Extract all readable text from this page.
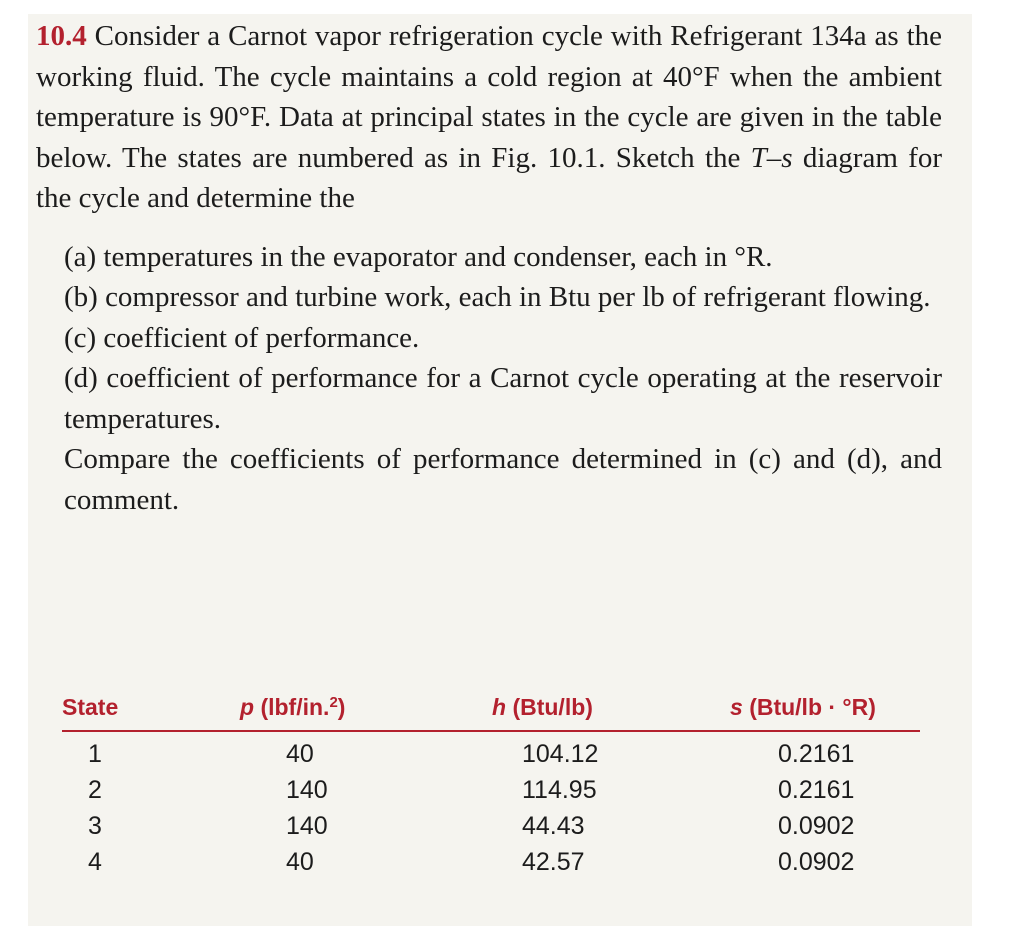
10.4 Consider a Carnot vapor refrigeration cycle with Refrigerant 134a as the working fluid. The cycle maintains a cold region at 40°F when the ambient temperature is 90°F. Data at principal states in the cycle are given in the table below. The states are numbered as in Fig. 10.1. Sketch the T–s diagram for the cycle and determine the

(a) temperatures in the evaporator and condenser, each in °R.

(b) compressor and turbine work, each in Btu per lb of refrigerant flowing.

(c) coefficient of performance.

(d) coefficient of performance for a Carnot cycle operating at the reservoir temperatures.

Compare the coefficients of performance determined in (c) and (d), and comment.

State	p (lbf/in.$^2$)	h (Btu/lb)	s (Btu/lb · °R)
1	40	104.12	0.2161
2	140	114.95	0.2161
3	140	44.43	0.0902
4	40	42.57	0.0902
